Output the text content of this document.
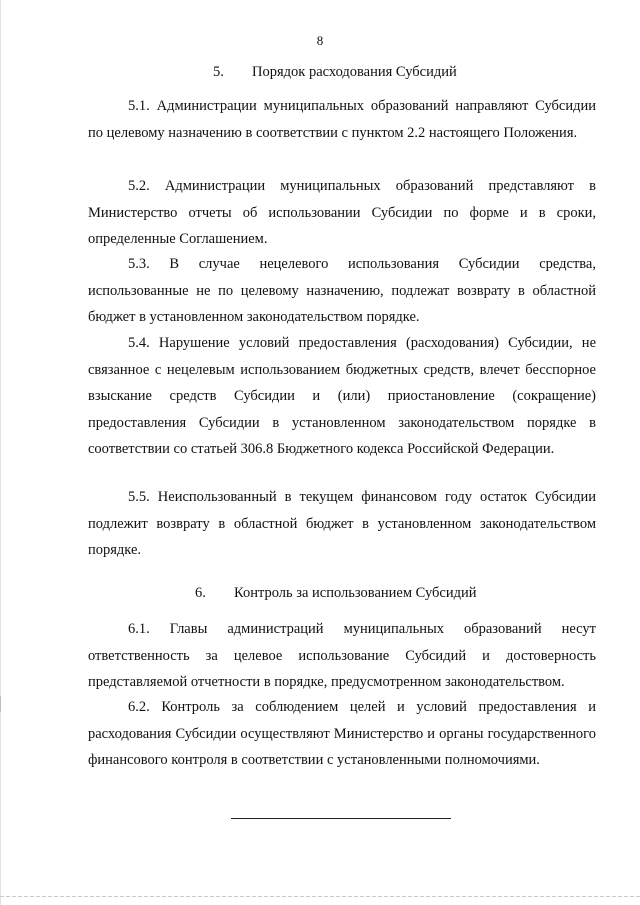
8
5. Порядок расходования Субсидий

5.1. Администрации муниципальных образований направляют Субсидии по целевому назначению в соответствии с пунктом 2.2 настоящего Положения.

5.2. Администрации муниципальных образований представляют в Министерство отчеты об использовании Субсидии по форме и в сроки, определенные Соглашением.

5.3. В случае нецелевого использования Субсидии средства, использованные не по целевому назначению, подлежат возврату в областной бюджет в установленном законодательством порядке.

5.4. Нарушение условий предоставления (расходования) Субсидии, не связанное с нецелевым использованием бюджетных средств, влечет бесспорное взыскание средств Субсидии и (или) приостановление (сокращение) предоставления Субсидии в установленном законодательством порядке в соответствии со статьей 306.8 Бюджетного кодекса Российской Федерации.

5.5. Неиспользованный в текущем финансовом году остаток Субсидии подлежит возврату в областной бюджет в установленном законодательством порядке.

6. Контроль за использованием Субсидий

6.1. Главы администраций муниципальных образований несут ответственность за целевое использование Субсидий и достоверность представляемой отчетности в порядке, предусмотренном законодательством.

6.2. Контроль за соблюдением целей и условий предоставления и расходования Субсидии осуществляют Министерство и органы государственного финансового контроля в соответствии с установленными полномочиями.
